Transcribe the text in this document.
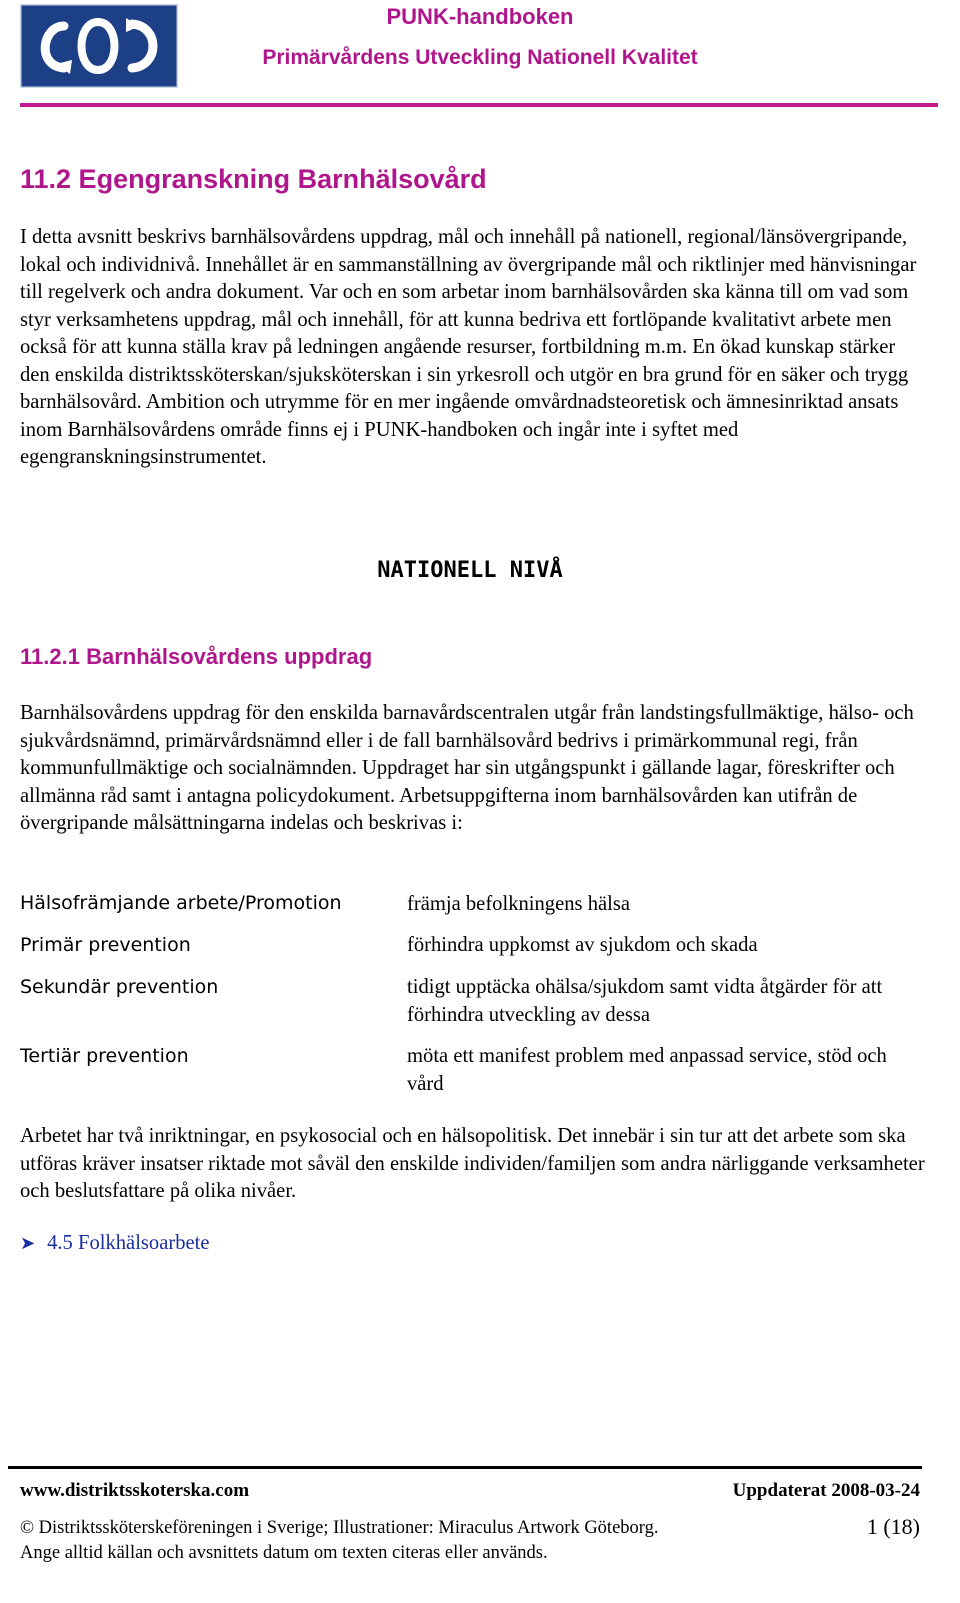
PUNK-handboken
Primärvårdens Utveckling Nationell Kvalitet
11.2 Egengranskning Barnhälsovård

I detta avsnitt beskrivs barnhälsovårdens uppdrag, mål och innehåll på nationell, regional/länsövergripande, lokal och individnivå. Innehållet är en sammanställning av övergripande mål och riktlinjer med hänvisningar till regelverk och andra dokument. Var och en som arbetar inom barnhälsovården ska känna till om vad som styr verksamhetens uppdrag, mål och innehåll, för att kunna bedriva ett fortlöpande kvalitativt arbete men också för att kunna ställa krav på ledningen angående resurser, fortbildning m.m. En ökad kunskap stärker den enskilda distriktssköterskan/sjuksköterskan i sin yrkesroll och utgör en bra grund för en säker och trygg barnhälsovård. Ambition och utrymme för en mer ingående omvårdnadsteoretisk och ämnesinriktad ansats inom Barnhälsovårdens område finns ej i PUNK-handboken och ingår inte i syftet med egengranskningsinstrumentet.

NATIONELL NIVÅ
11.2.1 Barnhälsovårdens uppdrag

Barnhälsovårdens uppdrag för den enskilda barnavårdscentralen utgår från landstingsfullmäktige, hälso- och sjukvårdsnämnd, primärvårdsnämnd eller i de fall barnhälsovård bedrivs i primärkommunal regi, från kommunfullmäktige och socialnämnden. Uppdraget har sin utgångspunkt i gällande lagar, föreskrifter och allmänna råd samt i antagna policydokument. Arbetsuppgifterna inom barnhälsovården kan utifrån de övergripande målsättningarna indelas och beskrivas i:

Hälsofrämjande arbete/Promotion	främja befolkningens hälsa
Primär prevention	förhindra uppkomst av sjukdom och skada
Sekundär prevention	tidigt upptäcka ohälsa/sjukdom samt vidta åtgärder för att förhindra utveckling av dessa
Tertiär prevention	möta ett manifest problem med anpassad service, stöd och vård

Arbetet har två inriktningar, en psykosocial och en hälsopolitisk. Det innebär i sin tur att det arbete som ska utföras kräver insatser riktade mot såväl den enskilde individen/familjen som andra närliggande verksamheter och beslutsfattare på olika nivåer.

➤ 4.5 Folkhälsoarbete
www.distriktsskoterska.com	Uppdaterat 2008-03-24
© Distriktssköterskeföreningen i Sverige; Illustrationer: Miraculus Artwork Göteborg.	1 (18)
Ange alltid källan och avsnittets datum om texten citeras eller används.
